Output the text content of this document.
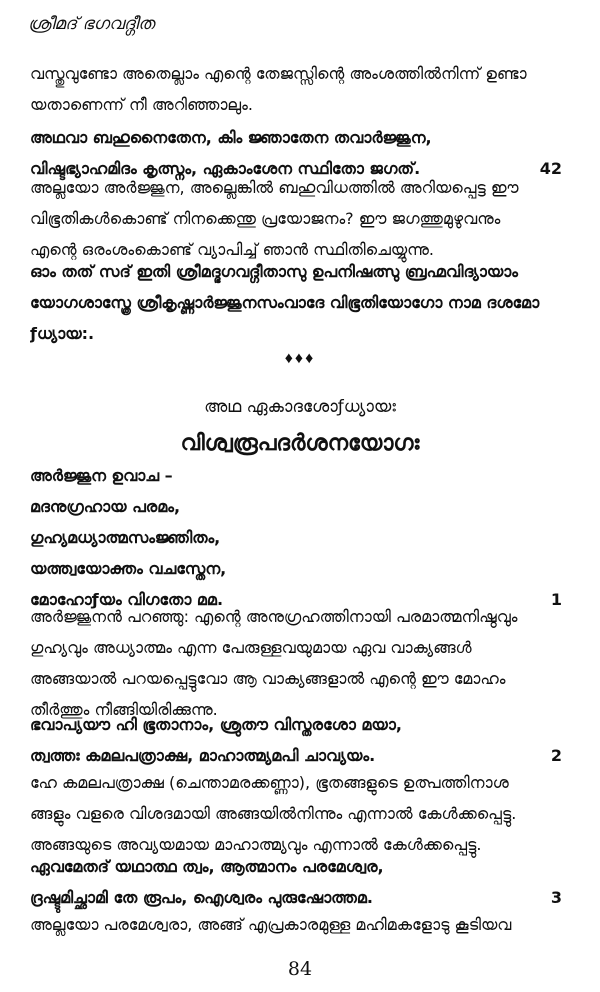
ശ്രീമദ് ഭഗവദ്ഗീത
വസ്തുവുണ്ടോ അതെല്ലാം എന്റെ തേജസ്സിന്റെ അംശത്തിൽനിന്ന് ഉണ്ടാ
യതാണെന്ന് നീ അറിഞ്ഞാലും.
അഥവാ ബഹുനൈതേന, കിം ജ്ഞാതേന തവാർജ്ജുന,
വിഷ്ടഭ്യാഹമിദം കൃത്സ്നം, ഏകാംശേന സ്ഥിതോ ജഗത്.	42
അല്ലയോ അർജ്ജുന, അല്ലെങ്കിൽ ബഹുവിധത്തിൽ അറിയപ്പെട്ട ഈ
വിഭൂതികൾകൊണ്ട് നിനക്കെന്തു പ്രയോജനം? ഈ ജഗത്തുമുഴുവനും
എന്റെ ഒരംശംകൊണ്ട് വ്യാപിച്ച് ഞാൻ സ്ഥിതിചെയ്യുന്നു.
ഓം തത് സദ് ഇതി ശ്രീമദ്ഭഗവദ്ഗീതാസു ഉപനിഷത്സു ബ്രഹ്മവിദ്യായാം
യോഗശാസ്ത്രേ ശ്രീകൃഷ്ണാർജ്ജുനസംവാദേ വിഭൂതിയോഗോ നാമ ദശമോ
ƒധ്യായ:.
♦♦♦
അഥ ഏകാദശോƒധ്യായഃ
വിശ്വരൂപദർശനയോഗഃ
അർജ്ജുന ഉവാച –
മദനുഗ്രഹായ പരമം,
ഗുഹ്യമധ്യാത്മസംജ്ഞിതം,
യത്ത്വയോക്തം വചസ്തേന,
മോഹോƒയം വിഗതോ മമ.	1
അർജ്ജുനൻ പറഞ്ഞു: എന്റെ അനുഗ്രഹത്തിനായി പരമാത്മനിഷ്ഠവും
ഗുഹ്യവും അധ്യാത്മം എന്ന പേരുള്ളവയുമായ ഏവ വാക്യങ്ങൾ
അങ്ങയാൽ പറയപ്പെട്ടുവോ ആ വാക്യങ്ങളാൽ എന്റെ ഈ മോഹം
തീർത്തും നീങ്ങിയിരിക്കുന്നു.
ഭവാപ്യയൗ ഹി ഭൂതാനാം, ശ്രുതൗ വിസ്തരശോ മയാ,
ത്വത്തഃ കമലപത്രാക്ഷ, മാഹാത്മ്യമപി ചാവ്യയം.	2
ഹേ കമലപത്രാക്ഷ (ചെന്താമരക്കണ്ണാ), ഭൂതങ്ങളുടെ ഉത്പത്തിനാശ
ങ്ങളും വളരെ വിശദമായി അങ്ങയിൽനിന്നും എന്നാൽ കേൾക്കപ്പെട്ടു.
അങ്ങയുടെ അവ്യയമായ മാഹാത്മ്യവും എന്നാൽ കേൾക്കപ്പെട്ടു.
ഏവമേതദ് യഥാത്ഥ ത്വം, ആത്മാനം പരമേശ്വര,
ദ്രഷ്ടുമിച്ഛാമി തേ രൂപം, ഐശ്വരം പുരുഷോത്തമ.	3
അല്ലയോ പരമേശ്വരാ, അങ്ങ് എപ്രകാരമുള്ള മഹിമകളോടു കൂടിയവ
84
